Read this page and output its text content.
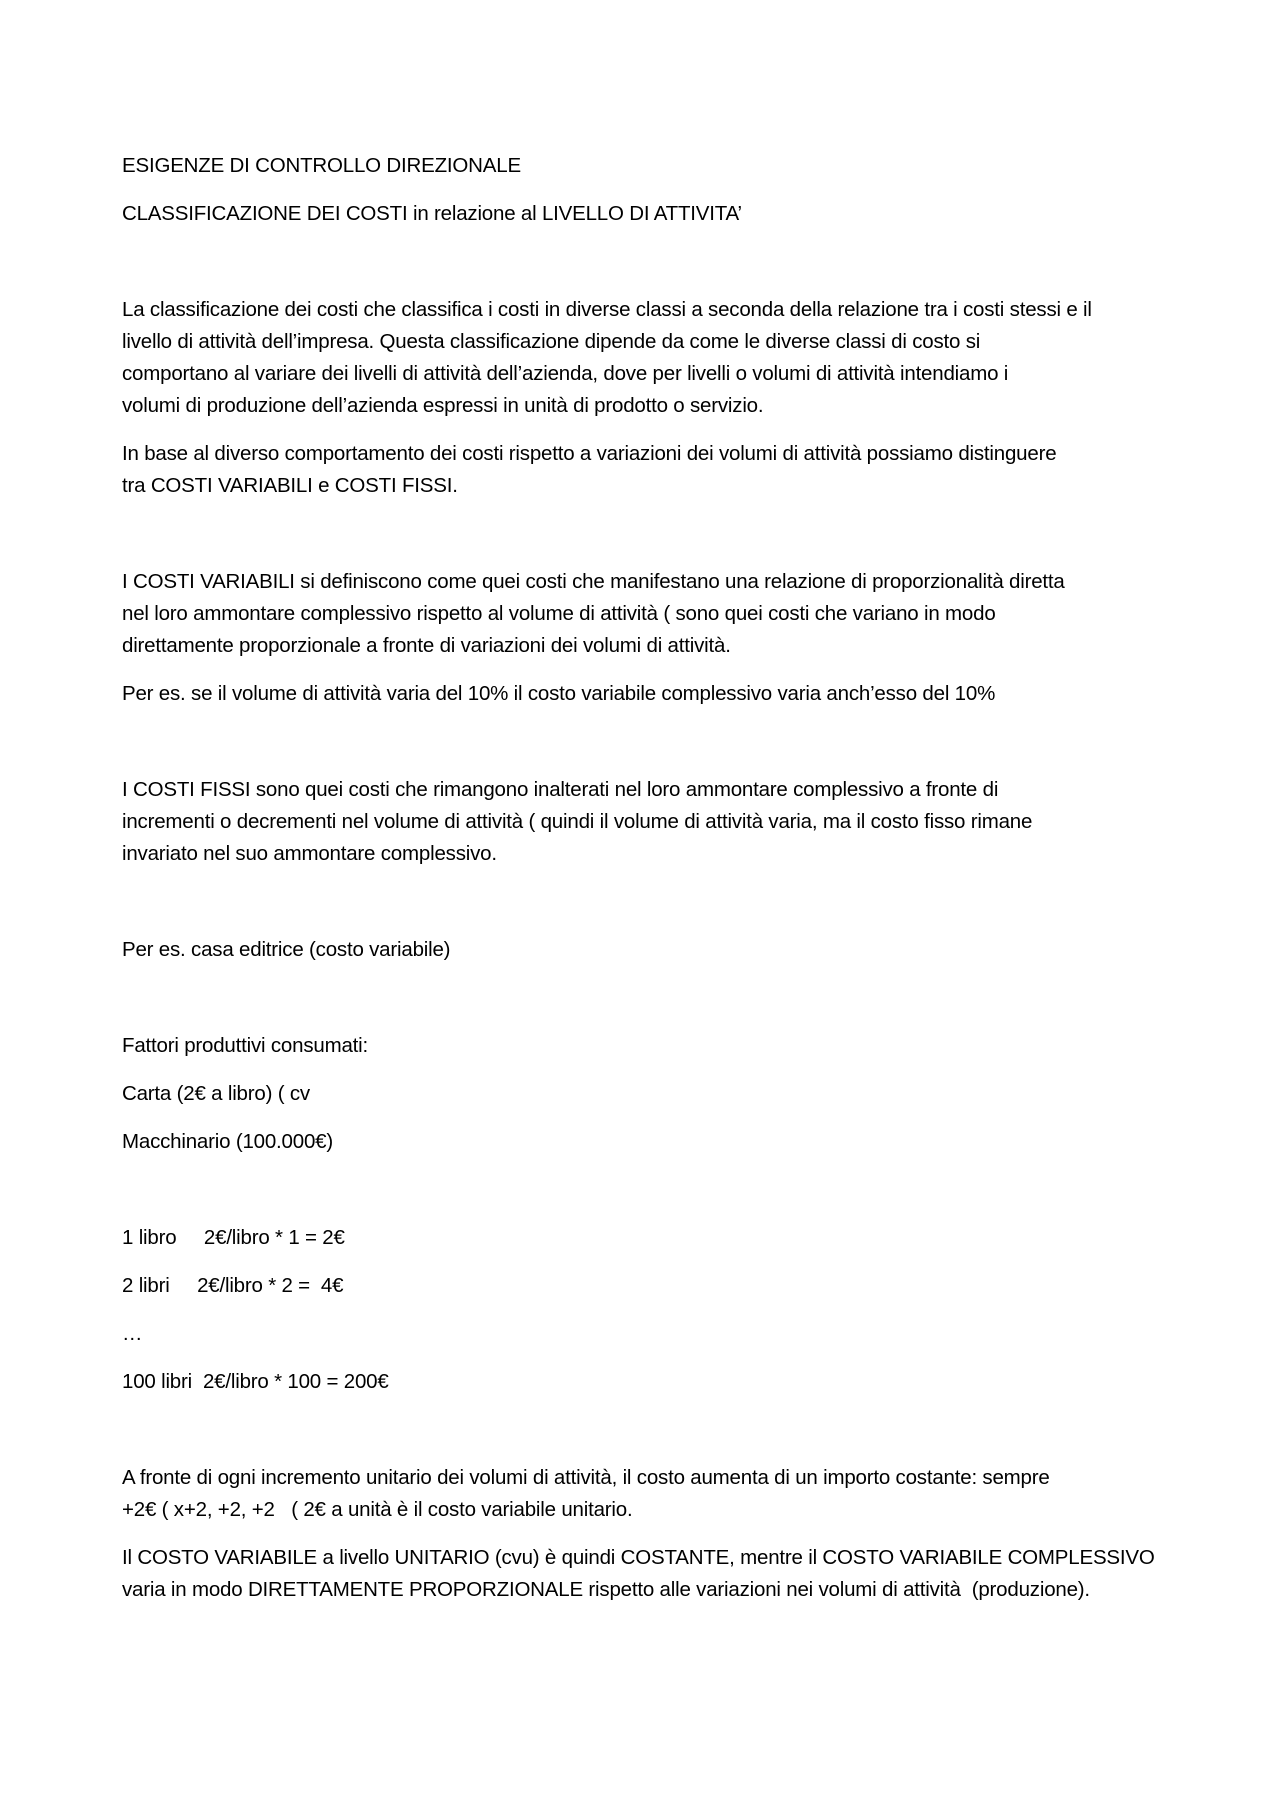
ESIGENZE DI CONTROLLO DIREZIONALE

CLASSIFICAZIONE DEI COSTI in relazione al LIVELLO DI ATTIVITA’

La classificazione dei costi che classifica i costi in diverse classi a seconda della relazione tra i costi stessi e il
livello di attività dell’impresa. Questa classificazione dipende da come le diverse classi di costo si
comportano al variare dei livelli di attività dell’azienda, dove per livelli o volumi di attività intendiamo i
volumi di produzione dell’azienda espressi in unità di prodotto o servizio.
In base al diverso comportamento dei costi rispetto a variazioni dei volumi di attività possiamo distinguere
tra COSTI VARIABILI e COSTI FISSI.
I COSTI VARIABILI si definiscono come quei costi che manifestano una relazione di proporzionalità diretta
nel loro ammontare complessivo rispetto al volume di attività ( sono quei costi che variano in modo
direttamente proporzionale a fronte di variazioni dei volumi di attività.

Per es. se il volume di attività varia del 10% il costo variabile complessivo varia anch’esso del 10%

I COSTI FISSI sono quei costi che rimangono inalterati nel loro ammontare complessivo a fronte di
incrementi o decrementi nel volume di attività ( quindi il volume di attività varia, ma il costo fisso rimane
invariato nel suo ammontare complessivo.

Per es. casa editrice (costo variabile)

Fattori produttivi consumati:

Carta (2€ a libro) ( cv

Macchinario (100.000€)

1 libro     2€/libro * 1 = 2€

2 libri     2€/libro * 2 =  4€

…

100 libri  2€/libro * 100 = 200€

A fronte di ogni incremento unitario dei volumi di attività, il costo aumenta di un importo costante: sempre
+2€ ( x+2, +2, +2   ( 2€ a unità è il costo variabile unitario.
Il COSTO VARIABILE a livello UNITARIO (cvu) è quindi COSTANTE, mentre il COSTO VARIABILE COMPLESSIVO
varia in modo DIRETTAMENTE PROPORZIONALE rispetto alle variazioni nei volumi di attività  (produzione).
